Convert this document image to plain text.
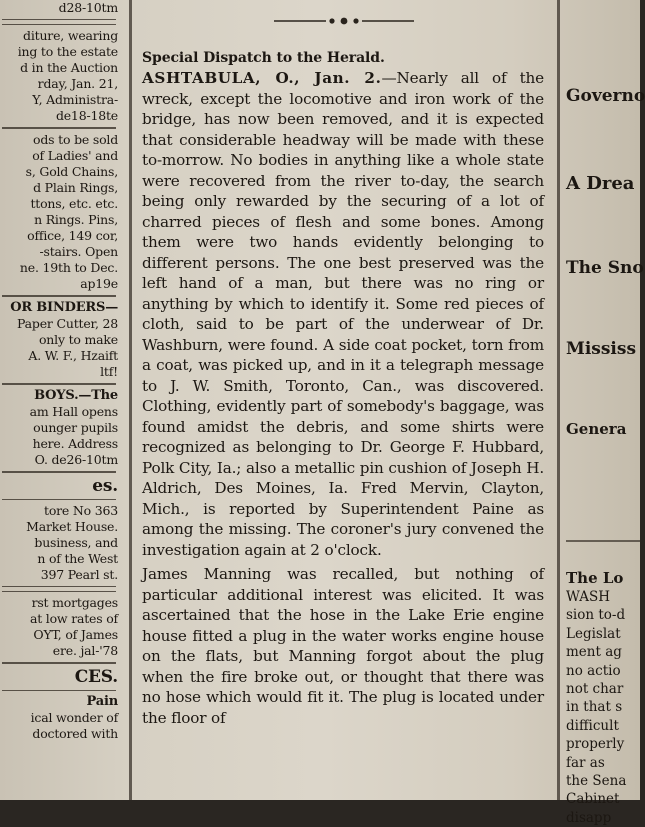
d28-10tm
diture, wearing
ing to the estate
d in the Auction
rday, Jan. 21,
Y, Administra-
de18-18te
ods to be sold
of Ladies' and
s, Gold Chains,
d Plain Rings,
ttons, etc. etc.
n Rings. Pins,
office, 149 cor,
-stairs. Open
ne. 19th to Dec.
ap19e
OR BINDERS—
Paper Cutter, 28
only to make
A. W. F., Hzaift
ltf!
BOYS.—The
am Hall opens
ounger pupils
here. Address
O. de26-10tm
es.
tore No 363
Market House.
business, and
n of the West
397 Pearl st.
rst mortgages
at low rates of
OYT, of James
ere. jal-'78
CES.
Pain
ical wonder of
doctored with
Special Dispatch to the Herald.

ASHTABULA, O., Jan. 2.—Nearly all of the wreck, except the locomotive and iron work of the bridge, has now been removed, and it is expected that considerable headway will be made with these to-morrow. No bodies in anything like a whole state were recovered from the river to-day, the search being only rewarded by the securing of a lot of charred pieces of flesh and some bones. Among them were two hands evidently belonging to different persons. The one best preserved was the left hand of a man, but there was no ring or anything by which to identify it. Some red pieces of cloth, said to be part of the underwear of Dr. Washburn, were found. A side coat pocket, torn from a coat, was picked up, and in it a telegraph message to J. W. Smith, Toronto, Can., was discovered. Clothing, evidently part of somebody's baggage, was found amidst the debris, and some shirts were recognized as belonging to Dr. George F. Hubbard, Polk City, Ia.; also a metallic pin cushion of Joseph H. Aldrich, Des Moines, Ia. Fred Mervin, Clayton, Mich., is reported by Superintendent Paine as among the missing. The coroner's jury convened the investigation again at 2 o'clock.

James Manning was recalled, but nothing of particular additional interest was elicited. It was ascertained that the hose in the Lake Erie engine house fitted a plug in the water works engine house on the flats, but Manning forgot about the plug when the fire broke out, or thought that there was no hose which would fit it. The plug is located under the floor of

Governo
A Drea
The Sno
Mississ
Genera
The Lo
WASH
sion to-d
Legislat
ment ag
no actio
not char
in that s
difficult
properly
far as
the Sena
Cabinet
disapp
